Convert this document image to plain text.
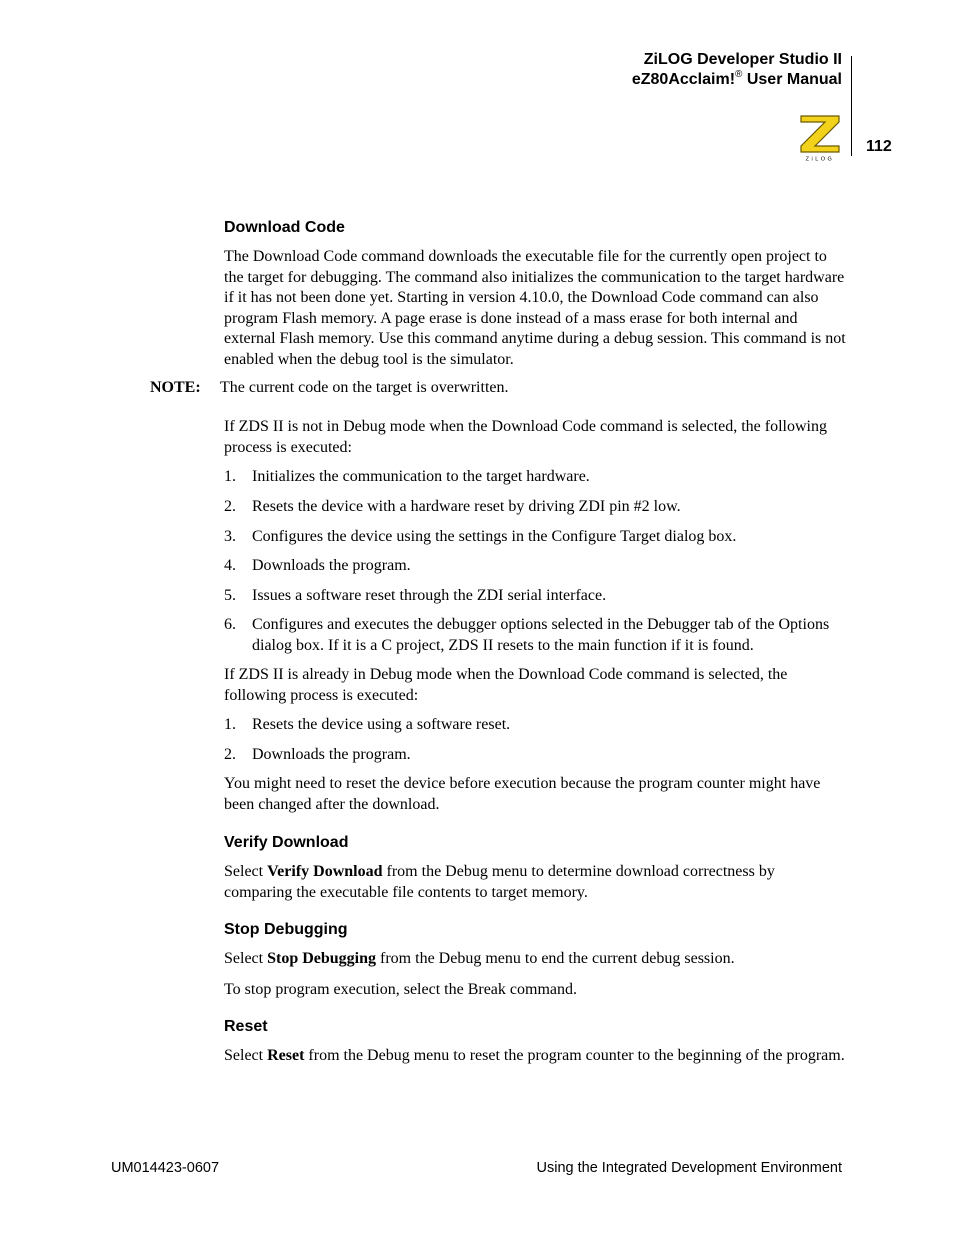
ZiLOG Developer Studio II
eZ80Acclaim!® User Manual
ZiLOG
112
Download Code
The Download Code command downloads the executable file for the currently open project to the target for debugging. The command also initializes the communication to the target hardware if it has not been done yet. Starting in version 4.10.0, the Download Code command can also program Flash memory. A page erase is done instead of a mass erase for both internal and external Flash memory. Use this command anytime during a debug session. This command is not enabled when the debug tool is the simulator.
NOTE: The current code on the target is overwritten.
If ZDS II is not in Debug mode when the Download Code command is selected, the following process is executed:
1. Initializes the communication to the target hardware.
2. Resets the device with a hardware reset by driving ZDI pin #2 low.
3. Configures the device using the settings in the Configure Target dialog box.
4. Downloads the program.
5. Issues a software reset through the ZDI serial interface.
6. Configures and executes the debugger options selected in the Debugger tab of the Options dialog box. If it is a C project, ZDS II resets to the main function if it is found.
If ZDS II is already in Debug mode when the Download Code command is selected, the following process is executed:
1. Resets the device using a software reset.
2. Downloads the program.
You might need to reset the device before execution because the program counter might have been changed after the download.
Verify Download
Select Verify Download from the Debug menu to determine download correctness by comparing the executable file contents to target memory.
Stop Debugging
Select Stop Debugging from the Debug menu to end the current debug session.
To stop program execution, select the Break command.
Reset
Select Reset from the Debug menu to reset the program counter to the beginning of the program.
UM014423-0607	Using the Integrated Development Environment
